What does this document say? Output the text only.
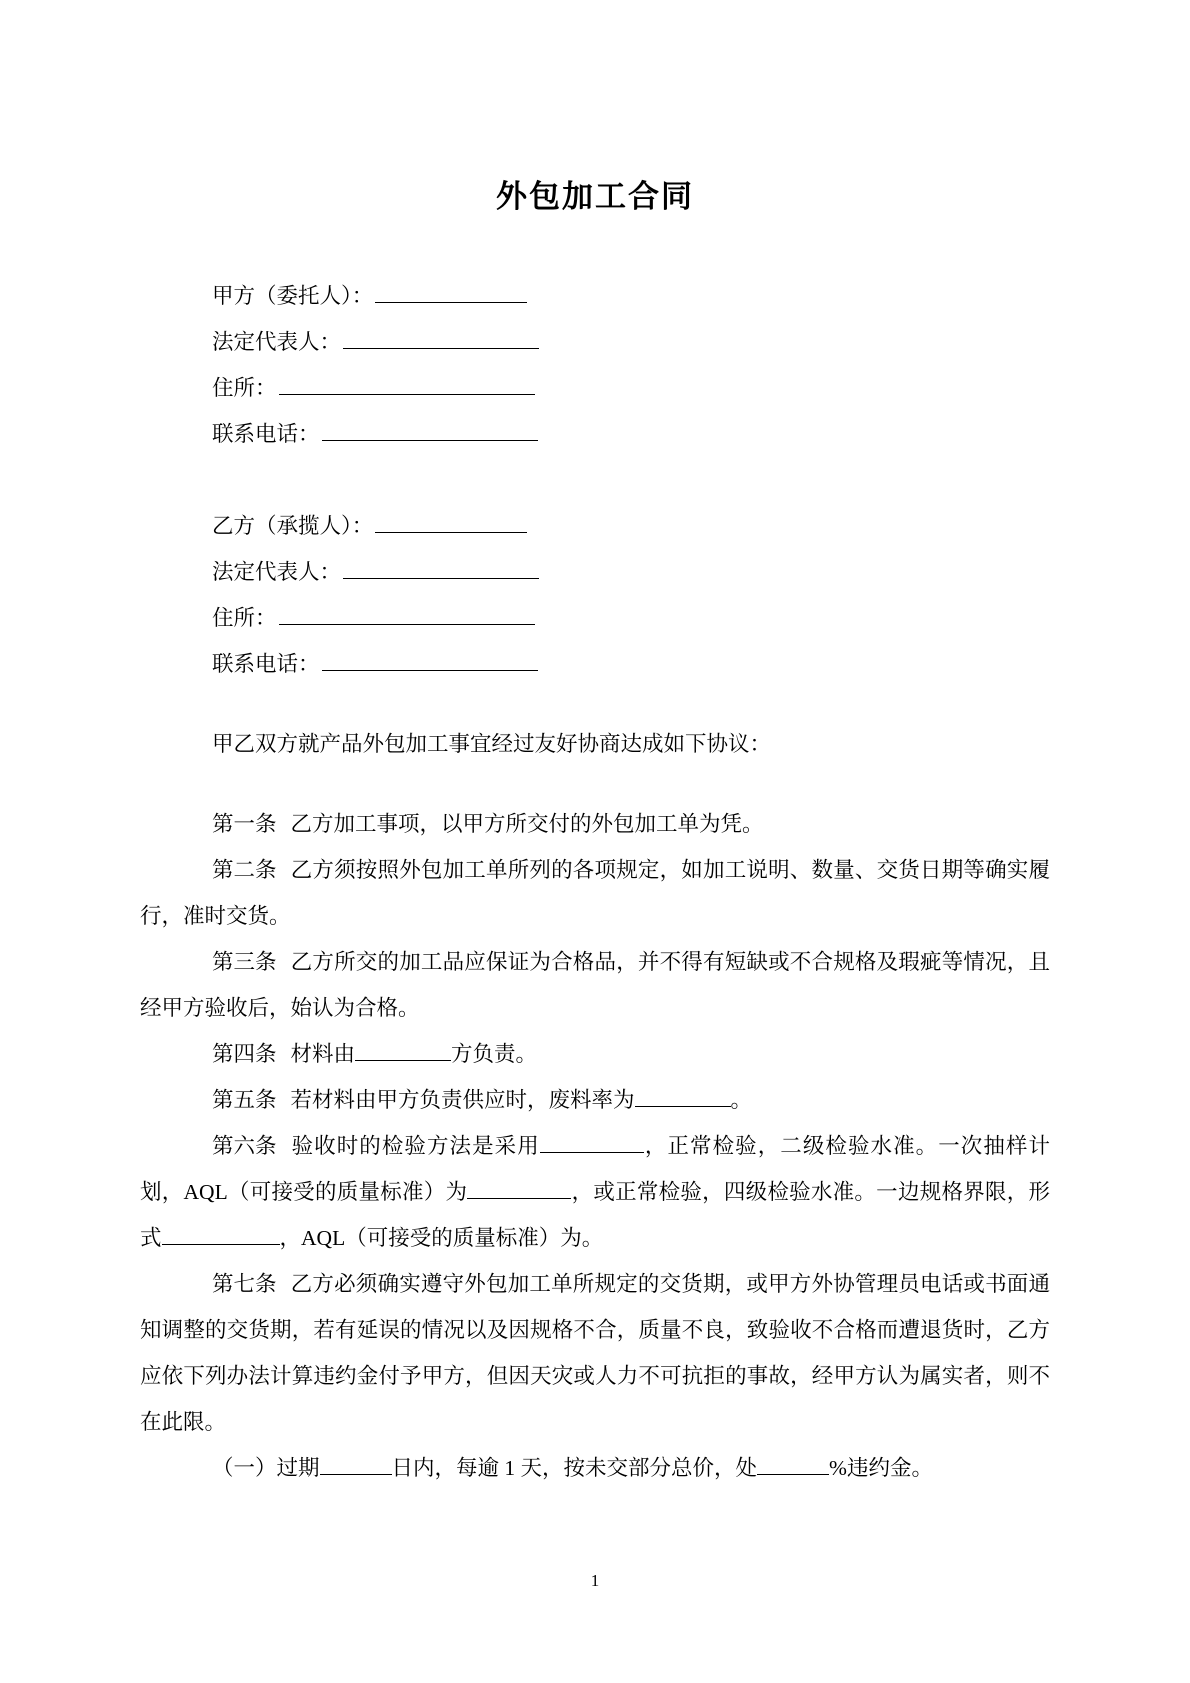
外包加工合同
甲方（委托人）：
法定代表人：
住所：
联系电话：
乙方（承揽人）：
法定代表人：
住所：
联系电话：
甲乙双方就产品外包加工事宜经过友好协商达成如下协议：

第一条 乙方加工事项，以甲方所交付的外包加工单为凭。

第二条 乙方须按照外包加工单所列的各项规定，如加工说明、数量、交货日期等确实履行，准时交货。

第三条 乙方所交的加工品应保证为合格品，并不得有短缺或不合规格及瑕疵等情况，且经甲方验收后，始认为合格。

第四条 材料由	方负责。

第五条 若材料由甲方负责供应时，废料率为	。

第六条 验收时的检验方法是采用	，正常检验，二级检验水准。一次抽样计划，AQL（可接受的质量标准）为	，或正常检验，四级检验水准。一边规格界限，形式	，AQL（可接受的质量标准）为。

第七条 乙方必须确实遵守外包加工单所规定的交货期，或甲方外协管理员电话或书面通知调整的交货期，若有延误的情况以及因规格不合，质量不良，致验收不合格而遭退货时，乙方应依下列办法计算违约金付予甲方，但因天灾或人力不可抗拒的事故，经甲方认为属实者，则不在此限。

（一）过期	日内，每逾 1 天，按未交部分总价，处	%违约金。

1
